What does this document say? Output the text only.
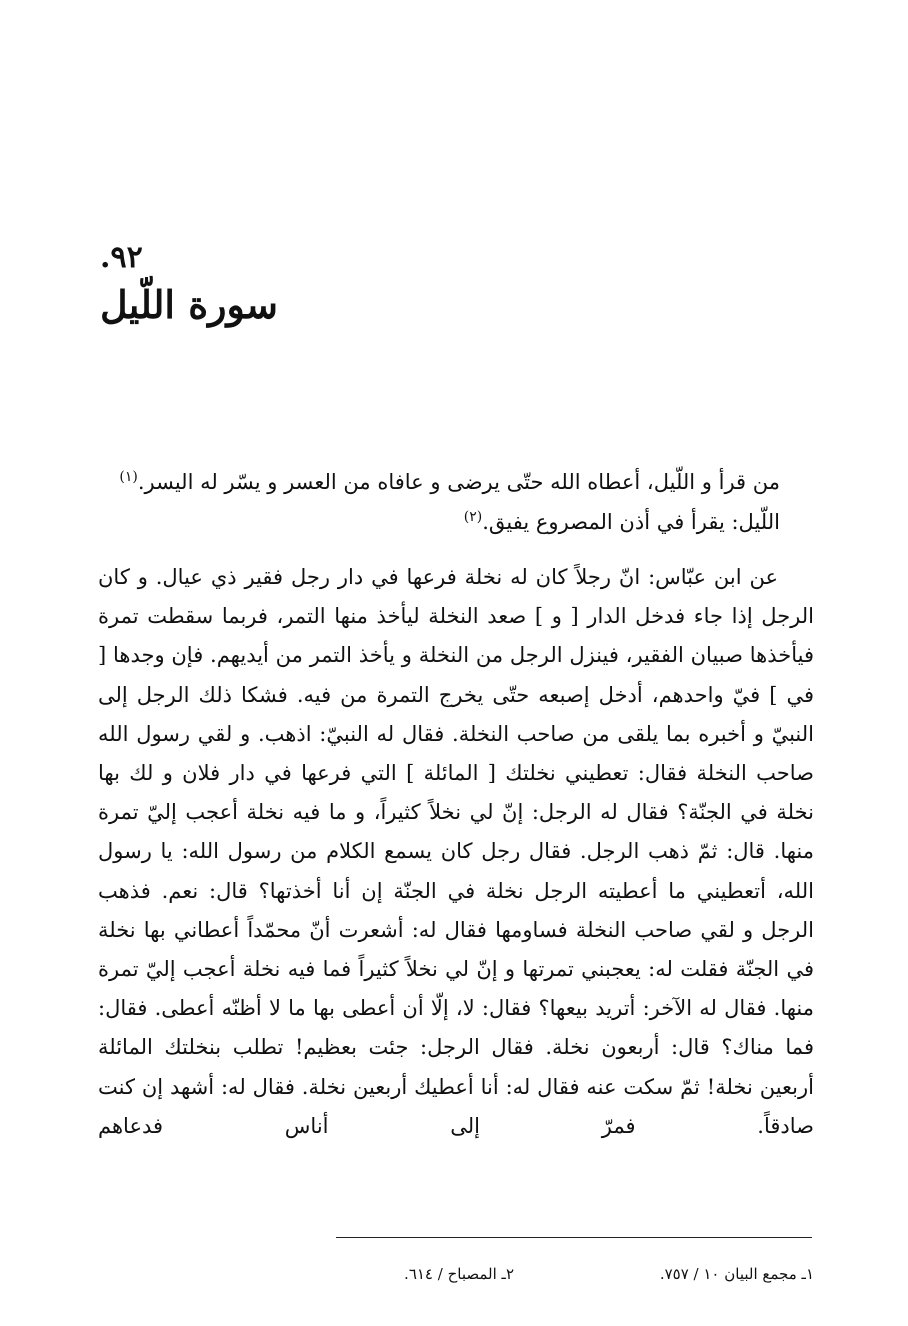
.٩٢
سورة اللّيل

من قرأ و اللّيل، أعطاه الله حتّى يرضى و عافاه من العسر و يسّر له اليسر.$^{(١)}$

اللّيل: يقرأ في أذن المصروع يفيق.$^{(٢)}$

عن ابن عبّاس: انّ رجلاً كان له نخلة فرعها في دار رجل فقير ذي عيال. و كان الرجل إذا جاء فدخل الدار [ و ] صعد النخلة ليأخذ منها التمر، فربما سقطت تمرة فيأخذها صبيان الفقير، فينزل الرجل من النخلة و يأخذ التمر من أيديهم. فإن وجدها [ في ] فيّ واحدهم، أدخل إصبعه حتّى يخرج التمرة من فيه. فشكا ذلك الرجل إلى النبيّ و أخبره بما يلقى من صاحب النخلة. فقال له النبيّ: اذهب. و لقي رسول الله صاحب النخلة فقال: تعطيني نخلتك [ المائلة ] التي فرعها في دار فلان و لك بها نخلة في الجنّة؟ فقال له الرجل: إنّ لي نخلاً كثيراً، و ما فيه نخلة أعجب إليّ تمرة منها. قال: ثمّ ذهب الرجل. فقال رجل كان يسمع الكلام من رسول الله: يا رسول الله، أتعطيني ما أعطيته الرجل نخلة في الجنّة إن أنا أخذتها؟ قال: نعم. فذهب الرجل و لقي صاحب النخلة فساومها فقال له: أشعرت أنّ محمّداً أعطاني بها نخلة في الجنّة فقلت له: يعجبني تمرتها و إنّ لي نخلاً كثيراً فما فيه نخلة أعجب إليّ تمرة منها. فقال له الآخر: أتريد بيعها؟ فقال: لا، إلّا أن أعطى بها ما لا أظنّه أعطى. فقال: فما مناك؟ قال: أربعون نخلة. فقال الرجل: جئت بعظيم! تطلب بنخلتك المائلة أربعين نخلة! ثمّ سكت عنه فقال له: أنا أعطيك أربعين نخلة. فقال له: أشهد إن كنت صادقاً. فمرّ إلى أناس فدعاهم

١ـ مجمع البيان ١٠ / ٧٥٧.
٢ـ المصباح / ٦١٤.
